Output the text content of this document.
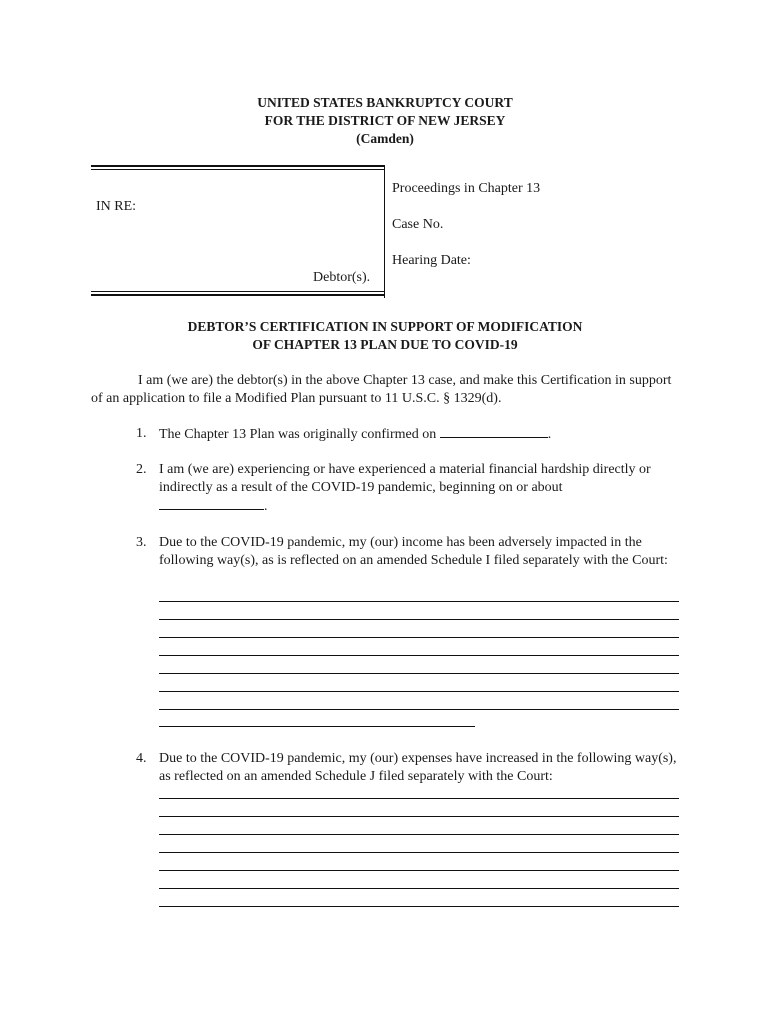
UNITED STATES BANKRUPTCY COURT
FOR THE DISTRICT OF NEW JERSEY
(Camden)
IN RE:
Debtor(s).
Proceedings in Chapter 13
Case No.
Hearing Date:
DEBTOR’S CERTIFICATION IN SUPPORT OF MODIFICATION
OF CHAPTER 13 PLAN DUE TO COVID-19
I am (we are) the debtor(s) in the above Chapter 13 case, and make this Certification in support of an application to file a Modified Plan pursuant to 11 U.S.C. § 1329(d).
1. The Chapter 13 Plan was originally confirmed on	.
2. I am (we are) experiencing or have experienced a material financial hardship directly or indirectly as a result of the COVID-19 pandemic, beginning on or about
.
3. Due to the COVID-19 pandemic, my (our) income has been adversely impacted in the following way(s), as is reflected on an amended Schedule I filed separately with the Court:
4. Due to the COVID-19 pandemic, my (our) expenses have increased in the following way(s), as reflected on an amended Schedule J filed separately with the Court:
